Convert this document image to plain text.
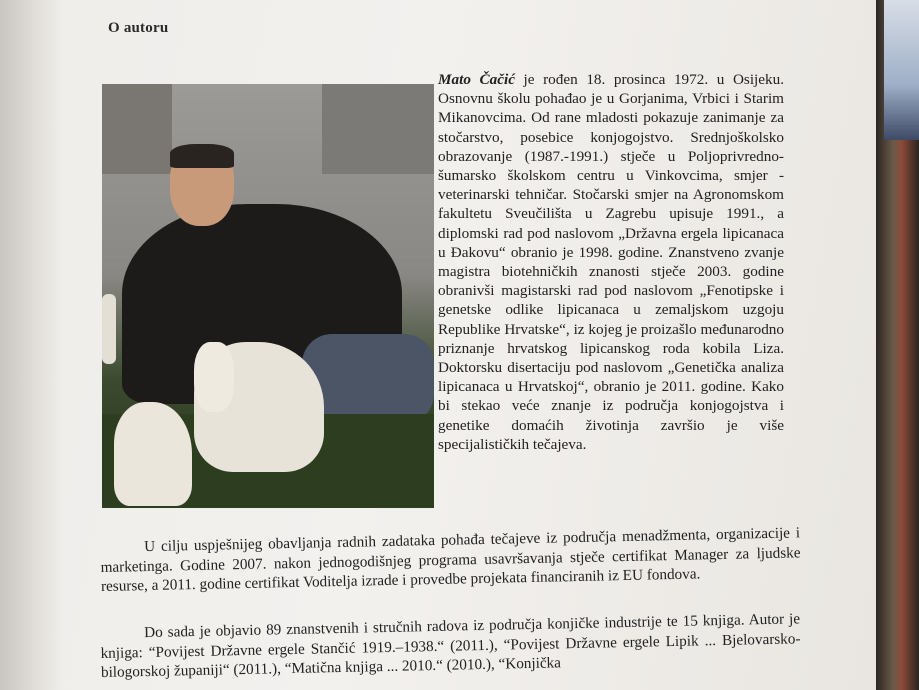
O autoru
Mato Čačić je rođen 18. prosinca 1972. u Osijeku. Osnovnu školu pohađao je u Gorjanima, Vrbici i Starim Mikanovcima. Od rane mladosti pokazuje zanimanje za stočarstvo, posebice konjogojstvo. Srednjoškolsko obrazovanje (1987.-1991.) stječe u Poljoprivredno-šumarsko školskom centru u Vinkovcima, smjer - veterinarski tehničar. Stočarski smjer na Agronomskom fakultetu Sveučilišta u Zagrebu upisuje 1991., a diplomski rad pod naslovom „Državna ergela lipicanaca u Đakovu“ obranio je 1998. godine. Znanstveno zvanje magistra biotehničkih znanosti stječe 2003. godine obranivši magistarski rad pod naslovom „Fenotipske i genetske odlike lipicanaca u zemaljskom uzgoju Republike Hrvatske“, iz kojeg je proizašlo međunarodno priznanje hrvatskog lipicanskog roda kobila Liza. Doktorsku disertaciju pod naslovom „Genetička analiza lipicanaca u Hrvatskoj“, obranio je 2011. godine. Kako bi stekao veće znanje iz područja konjogojstva i genetike domaćih životinja završio je više specijalističkih tečajeva.
U cilju uspješnijeg obavljanja radnih zadataka pohađa tečajeve iz područja menadžmenta, organizacije i marketinga. Godine 2007. nakon jednogodišnjeg programa usavršavanja stječe certifikat Manager za ljudske resurse, a 2011. godine certifikat Voditelja izrade i provedbe projekata financiranih iz EU fondova.
Do sada je objavio 89 znanstvenih i stručnih radova iz područja konjičke industrije te 15 knjiga. Autor je knjiga: “Povijest Državne ergele Stančić 1919.–1938.“ (2011.), “Povijest Državne ergele Lipik ... Bjelovarsko-bilogorskoj županiji“ (2011.), “Matična knjiga ... 2010.“ (2010.), “Konjička
